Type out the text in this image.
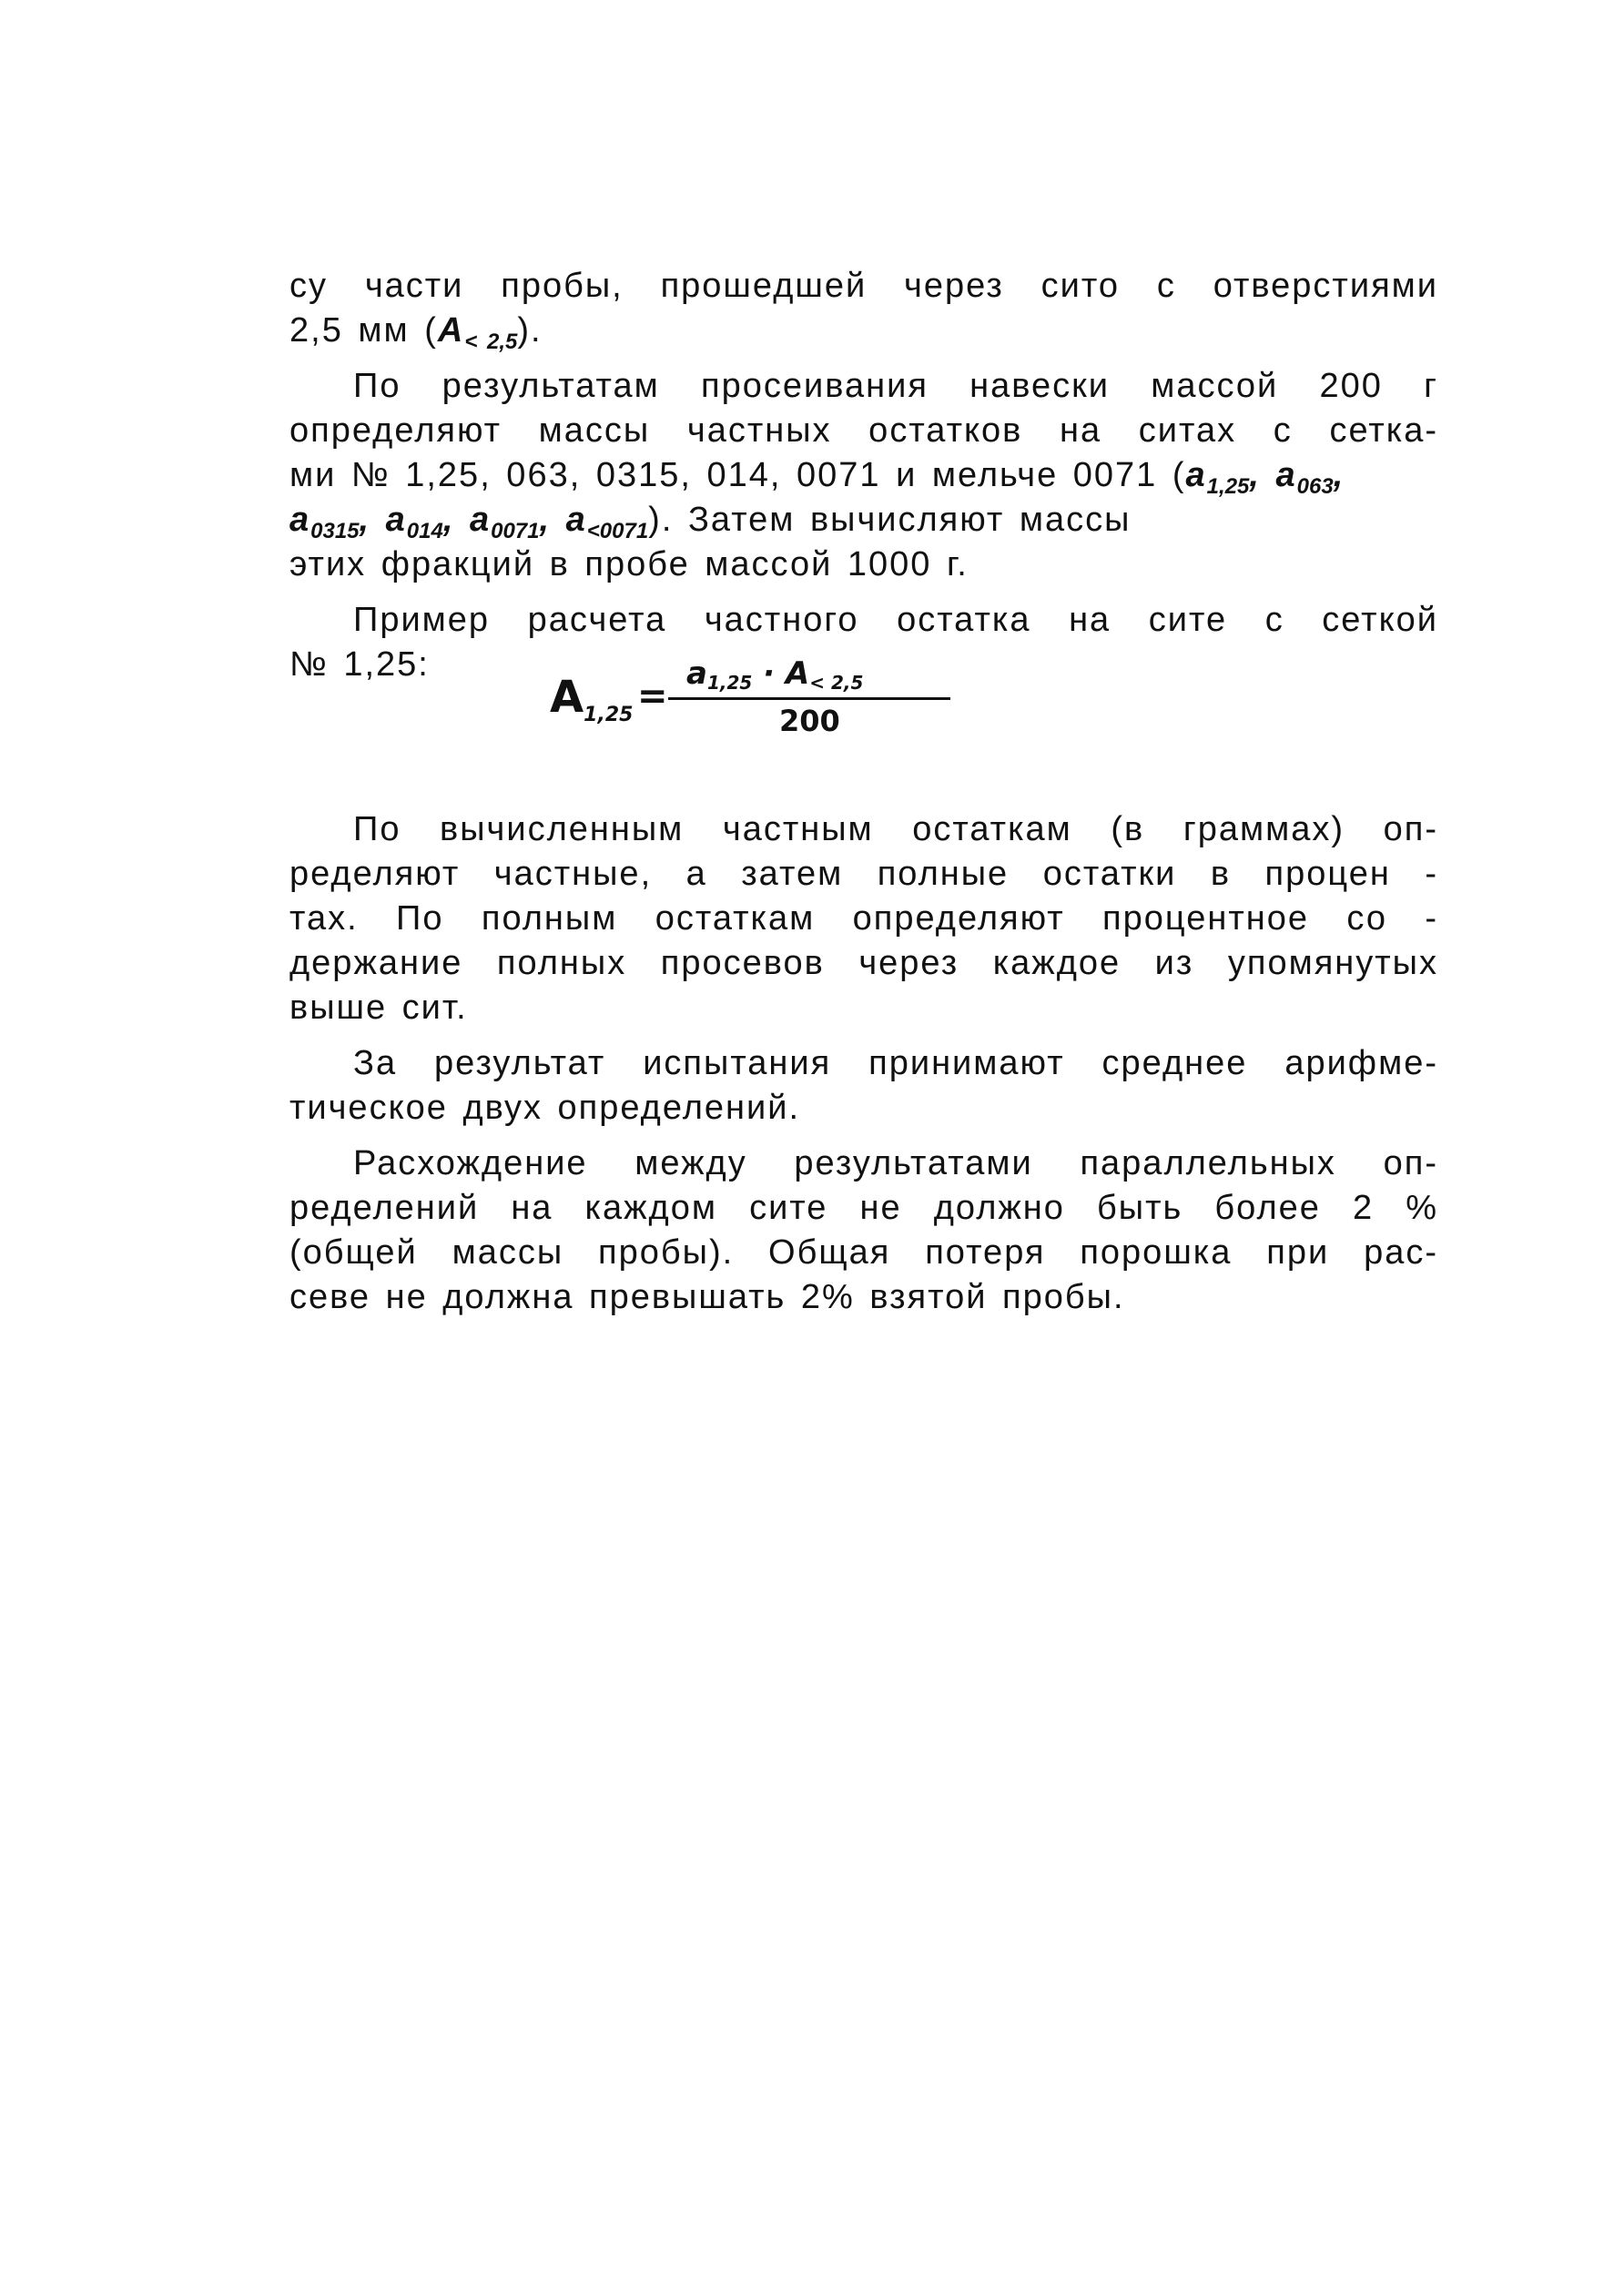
су части пробы, прошедшей через сито с отверстиями
2,5 мм $(A_{< 2,5})$.
По результатам просеивания навески массой 200 г
определяют массы частных остатков на ситах с сетка-
ми № 1,25, 063, 0315, 014, 0071 и мельче 0071 ($a_{1,25}$, $a_{063}$,
$a_{0315}$, $a_{014}$, $a_{0071}$, $a_{<0071}$). Затем вычисляют массы
этих фракций в пробе массой 1000 г.
Пример расчета частного остатка на сите с сеткой
№ 1,25:
По вычисленным частным остаткам (в граммах) оп-
ределяют частные, а затем полные остатки в процен -
тах. По полным остаткам определяют процентное со -
держание полных просевов через каждое из упомянутых
выше сит.
За результат испытания принимают среднее арифме-
тическое двух определений.
Расхождение между результатами параллельных оп-
ределений на каждом сите не должно быть более 2 %
(общей массы пробы). Общая потеря порошка при рас-
севе не должна превышать 2% взятой пробы.
$A_{1,25}$ =
$a_{1,25} \cdot A_{< 2,5}$
200
